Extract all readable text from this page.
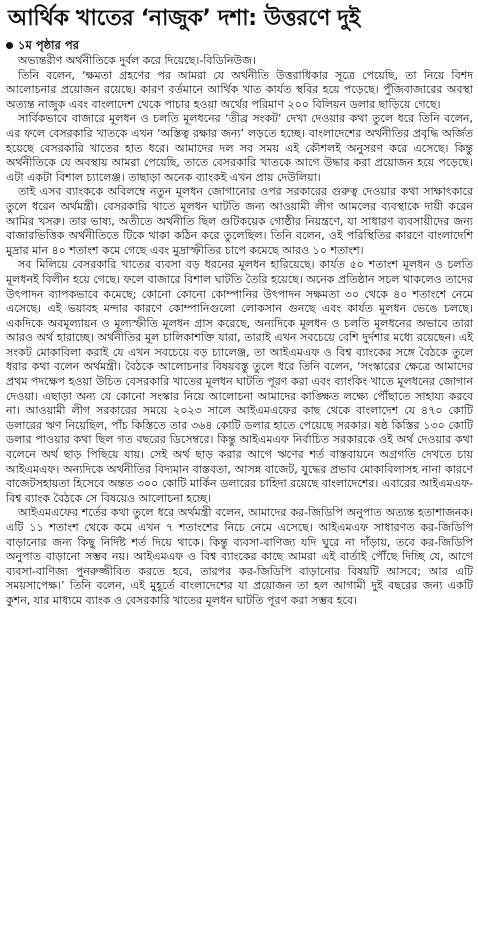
আর্থিক খাতের ‘নাজুক’ দশা: উত্তরণে দুই
১ম পৃষ্ঠার পর

অভ্যন্তরীণ অর্থনীতিকে দুর্বল করে দিয়েছে।-বিডিনিউজ।

তিনি বলেন, ‘ক্ষমতা গ্রহণের পর আমরা যে অর্থনীতি উত্তরাধিকার সূত্রে পেয়েছি, তা নিয়ে বিশদ আলোচনার প্রয়োজন রয়েছে। কারণ বর্তমানে আর্থিক খাত কার্যত স্থবির হয়ে পড়েছে। পুঁজিবাজারের অবস্থা অত্যন্ত নাজুক এবং বাংলাদেশ থেকে পাচার হওয়া অর্থের পরিমাণ ২০০ বিলিয়ন ডলার ছাড়িয়ে গেছে।

সার্বিকভাবে বাজারে মূলধন ও চলতি মূলধনের ‘তীব্র সংকট’ দেখা দেওয়ার কথা তুলে ধরে তিনি বলেন, এর ফলে বেসরকারি খাতকে এখন ‘অস্তিত্ব রক্ষার জন্য’ লড়তে হচ্ছে। বাংলাদেশের অর্থনীতির প্রবৃদ্ধি অর্জিত হয়েছে বেসরকারি খাতের হাত ধরে। আমাদের দল সব সময় এই কৌশলই অনুসরণ করে এসেছে। কিন্তু অর্থনীতিকে যে অবস্থায় আমরা পেয়েছি, তাতে বেসরকারি খাতকে আগে উদ্ধার করা প্রয়োজন হয়ে পড়েছে। এটা একটা বিশাল চ্যালেঞ্জ। তাছাড়া অনেক ব্যাংকই এখন প্রায় দেউলিয়া।

তাই এসব ব্যাংককে অবিলম্বে নতুন মূলধন জোগানোর ওপর সরকারের গুরুত্ব দেওয়ার কথা সাক্ষাৎকারে তুলে ধরেন অর্থমন্ত্রী। বেসরকারি খাতে মূলধন ঘাটতি জন্য আওয়ামী লীগ আমলের ব্যবস্থাকে দায়ী করেন আমির খসরু। তার ভাষ্য, অতীতে অর্থনীতি ছিল গুটিকয়েক গোষ্ঠীর নিয়ন্ত্রণে, যা সাধারণ ব্যবসায়ীদের জন্য বাজারভিত্তিক অর্থনীতিতে টিকে থাকা কঠিন করে তুলেছিল। তিনি বলেন, ওই পরিস্থিতির কারণে বাংলাদেশি মুদ্রার মান ৪০ শতাংশ কমে গেছে এবং মুদ্রাস্ফীতির চাপে কমেছে আরও ১০ শতাংশ।

সব মিলিয়ে বেসরকারি খাতের ব্যবসা বড় ধরনের মূলধন হারিয়েছে। কার্যত ৫০ শতাংশ মূলধন ও চলতি মূলধনই বিলীন হয়ে গেছে। ফলে বাজারে বিশাল ঘাটতি তৈরি হয়েছে। অনেক প্রতিষ্ঠান সচল থাকলেও তাদের উৎপাদন ব্যাপকভাবে কমেছে; কোনো কোনো কোম্পানির উৎপাদন সক্ষমতা ৩০ থেকে ৪০ শতাংশে নেমে এসেছে। এই ভয়াবহ মন্দার কারণে কোম্পানিগুলো লোকসান গুনছে এবং কার্যত মূলধন ভেঙে চলছে। একদিকে অবমূল্যায়ন ও মূল্যস্ফীতি মূলধন গ্রাস করেছে, অন্যদিকে মূলধন ও চলতি মূলধনের অভাবে তারা আরও অর্থ হারাচ্ছে। অর্থনীতির মূল চালিকাশক্তি যারা, তারাই এখন সবচেয়ে বেশি দুর্দশার মধ্যে রয়েছেন। এই সংকট মোকাবিলা করাই যে এখন সবচেয়ে বড় চ্যালেঞ্জ, তা আইএমএফ ও বিশ্ব ব্যাংকের সঙ্গে বৈঠকে তুলে ধরার কথা বলেন অর্থমন্ত্রী। বৈঠকে আলোচনার বিষয়বস্তু তুলে ধরে তিনি বলেন, ‘সংস্কারের ক্ষেত্রে আমাদের প্রথম পদক্ষেপ হওয়া উচিত বেসরকারি খাতের মূলধন ঘাটতি পূরণ করা এবং ব্যাংকিং খাতে মূলধনের জোগান দেওয়া। এছাড়া অন্য যে কোনো সংস্কার নিয়ে আলোচনা আমাদের কাঙ্ক্ষিত লক্ষ্যে পৌঁছাতে সাহায্য করবে না। আওয়ামী লীগ সরকারের সময়ে ২০২৩ সালে আইএমএফের কাছ থেকে বাংলাদেশ যে ৪৭০ কোটি ডলারের ঋণ নিয়েছিল, পাঁচ কিস্তিতে তার ৩৬৪ কোটি ডলার হাতে পেয়েছে সরকার। ষষ্ঠ কিস্তির ১৩০ কোটি ডলার পাওয়ার কথা ছিল গত বছরের ডিসেম্বরে। কিন্তু আইএমএফ নির্বাচিত সরকারকে ওই অর্থ দেওয়ার কথা বলেনে অর্থ ছাড় পিছিয়ে যায়। সেই অর্থ ছাড় করার আগে ঋণের শর্ত বাস্তবায়নে অগ্রগতি দেখতে চায় আইএমএফ। অন্যদিকে অর্থনীতির বিদ্যমান বাস্তবতা, আসন্ন বাজেট, যুদ্ধের প্রভাব মোকাবিলাসহ নানা কারণে বাজেটসহায়তা হিসেবে অন্তত ৩০০ কোটি মার্কিন ডলারের চাহিদা রয়েছে বাংলাদেশের। এবারের আইএমএফ-বিশ্ব ব্যাংক বৈঠকে সে বিষয়েও আলোচনা হচ্ছে।

আইএমএফের শর্তের কথা তুলে ধরে অর্থমন্ত্রী বলেন, আমাদের কর-জিডিপি অনুপাত অত্যন্ত হতাশাজনক। এটি ১১ শতাংশ থেকে কমে এখন ৭ শতাংশের নিচে নেমে এসেছে। আইএমএফ সাধারণত কর-জিডিপি বাড়ানোর জন্য কিছু নির্দিষ্ট শর্ত দিয়ে থাকে। কিন্তু ব্যবসা-বাণিজ্য যদি ঘুরে না দাঁড়ায়, তবে কর-জিডিপি অনুপাত বাড়ানো সম্ভব নয়। আইএমএফ ও বিশ্ব ব্যাংকের কাছে আমরা এই বার্তাই পৌঁছে দিচ্ছি যে, আগে ব্যবসা-বাণিজ্য পুনরুজ্জীবিত করতে হবে, তারপর কর-জিডিপি বাড়ানোর বিষয়টি আসবে; আর এটি সময়সাপেক্ষ।’ তিনি বলেন, এই মুহূর্তে বাংলাদেশের যা প্রয়োজন তা হল আগামী দুই বছরের জন্য একটি কুশন, যার মাধ্যমে ব্যাংক ও বেসরকারি খাতের মূলধন ঘাটতি পূরণ করা সম্ভব হবে।
